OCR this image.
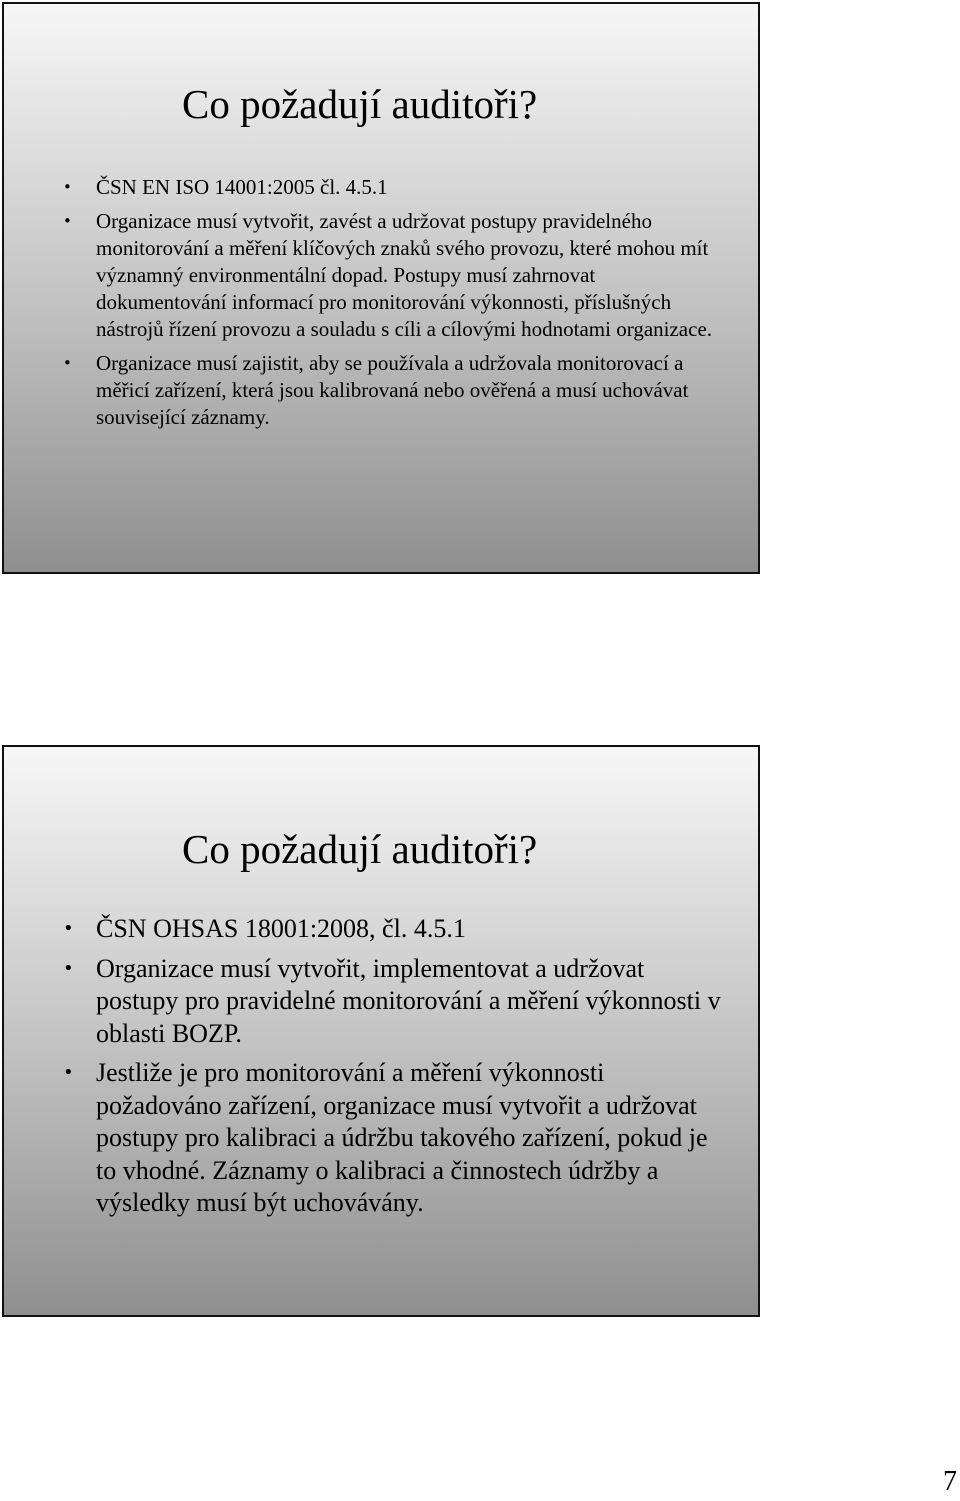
Co požadují auditoři?
• ČSN EN ISO 14001:2005 čl. 4.5.1
• Organizace musí vytvořit, zavést a udržovat postupy pravidelného monitorování a měření klíčových znaků svého provozu, které mohou mít významný environmentální dopad. Postupy musí zahrnovat dokumentování informací pro monitorování výkonnosti, příslušných nástrojů řízení provozu a souladu s cíli a cílovými hodnotami organizace.
• Organizace musí zajistit, aby se používala a udržovala monitorovací a měřicí zařízení, která jsou kalibrovaná nebo ověřená a musí uchovávat související záznamy.
Co požadují auditoři?
• ČSN OHSAS 18001:2008, čl. 4.5.1
• Organizace musí vytvořit, implementovat a udržovat postupy pro pravidelné monitorování a měření výkonnosti v oblasti BOZP.
• Jestliže je pro monitorování a měření výkonnosti požadováno zařízení, organizace musí vytvořit a udržovat postupy pro kalibraci a údržbu takového zařízení, pokud je to vhodné. Záznamy o kalibraci a činnostech údržby a výsledky musí být uchovávány.
7
